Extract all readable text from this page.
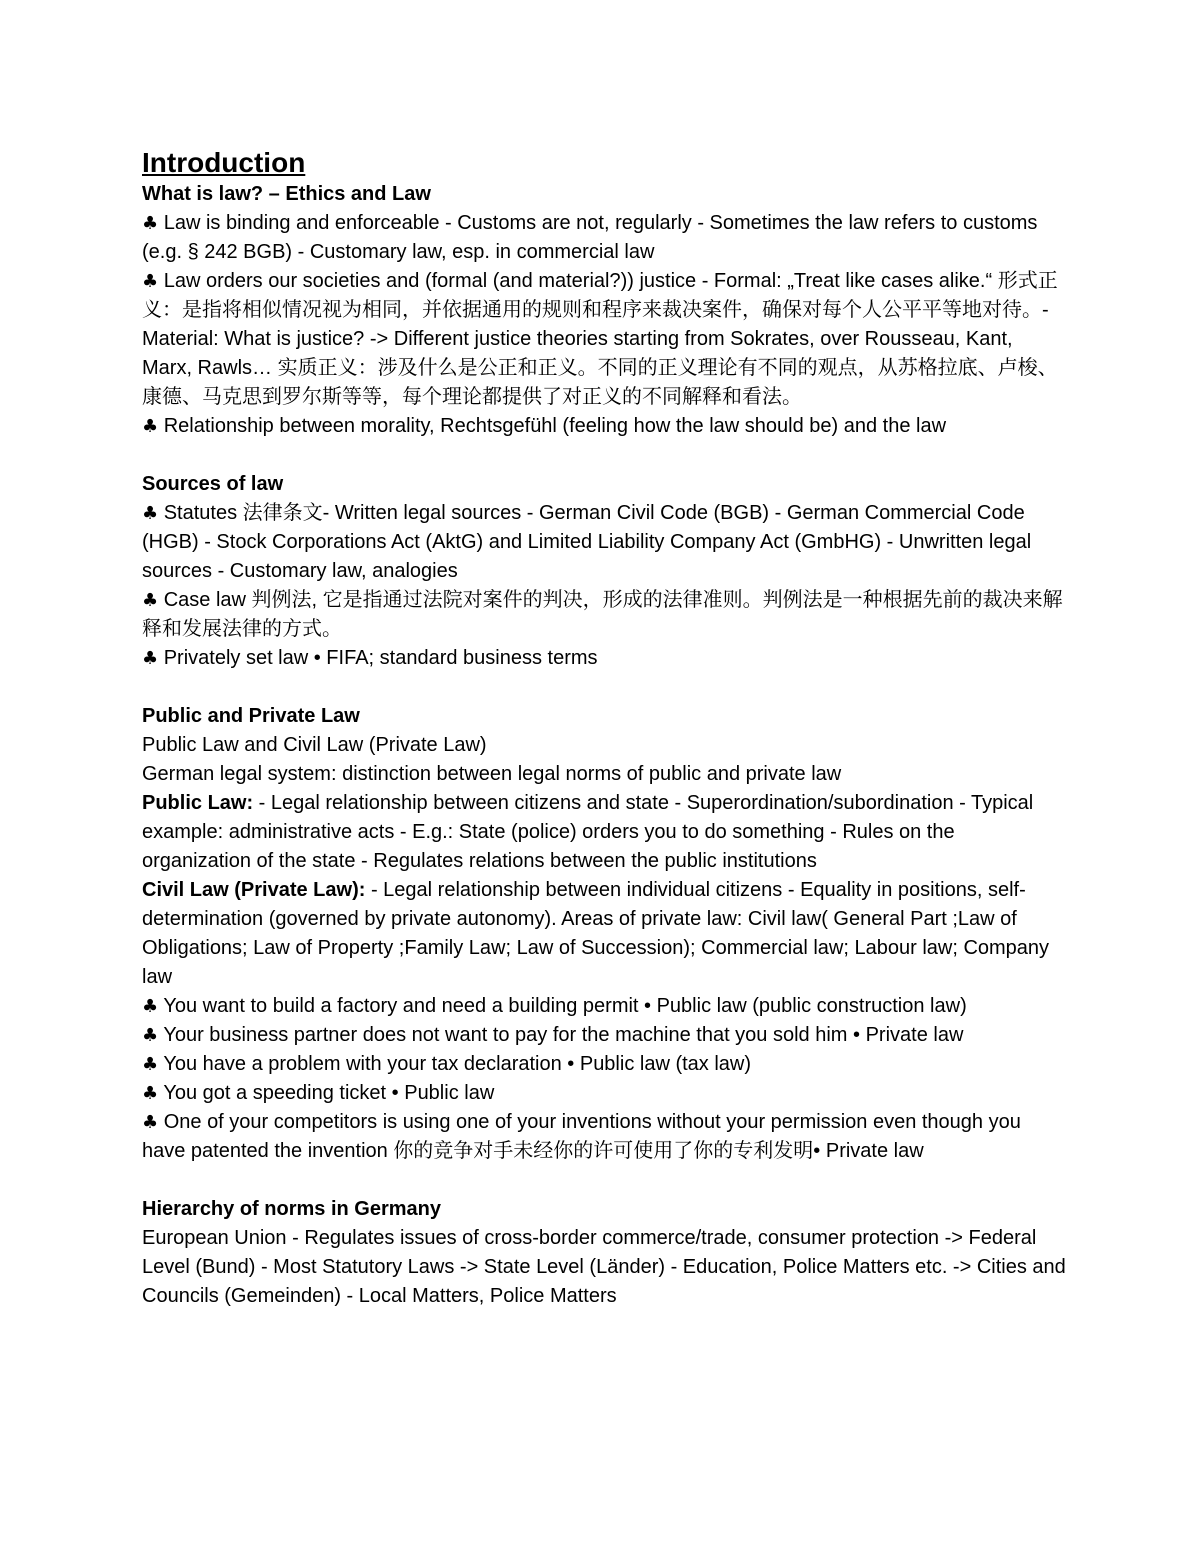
Introduction

What is law? – Ethics and Law

♣ Law is binding and enforceable - Customs are not, regularly - Sometimes the law refers to customs (e.g. § 242 BGB) - Customary law, esp. in commercial law

♣ Law orders our societies and (formal (and material?)) justice - Formal: „Treat like cases alike.“ 形式正义：是指将相似情况视为相同，并依据通用的规则和程序来裁决案件，确保对每个人公平平等地对待。- Material: What is justice? -> Different justice theories starting from Sokrates, over Rousseau, Kant, Marx, Rawls… 实质正义：涉及什么是公正和正义。不同的正义理论有不同的观点，从苏格拉底、卢梭、康德、马克思到罗尔斯等等，每个理论都提供了对正义的不同解释和看法。

♣ Relationship between morality, Rechtsgefühl (feeling how the law should be) and the law

Sources of law

♣ Statutes 法律条文- Written legal sources - German Civil Code (BGB) - German Commercial Code (HGB) - Stock Corporations Act (AktG) and Limited Liability Company Act (GmbHG) - Unwritten legal sources - Customary law, analogies

♣ Case law 判例法, 它是指通过法院对案件的判决，形成的法律准则。判例法是一种根据先前的裁决来解释和发展法律的方式。

♣ Privately set law • FIFA; standard business terms

Public and Private Law

Public Law and Civil Law (Private Law)

German legal system: distinction between legal norms of public and private law

Public Law: - Legal relationship between citizens and state - Superordination/subordination - Typical example: administrative acts - E.g.: State (police) orders you to do something - Rules on the organization of the state - Regulates relations between the public institutions

Civil Law (Private Law): - Legal relationship between individual citizens - Equality in positions, self-determination (governed by private autonomy). Areas of private law: Civil law( General Part ;Law of Obligations; Law of Property ;Family Law; Law of Succession); Commercial law; Labour law; Company law

♣ You want to build a factory and need a building permit • Public law (public construction law)

♣ Your business partner does not want to pay for the machine that you sold him • Private law

♣ You have a problem with your tax declaration • Public law (tax law)

♣ You got a speeding ticket • Public law

♣ One of your competitors is using one of your inventions without your permission even though you have patented the invention 你的竞争对手未经你的许可使用了你的专利发明• Private law

Hierarchy of norms in Germany

European Union - Regulates issues of cross-border commerce/trade, consumer protection -> Federal Level (Bund) - Most Statutory Laws -> State Level (Länder) - Education, Police Matters etc. -> Cities and Councils (Gemeinden) - Local Matters, Police Matters
